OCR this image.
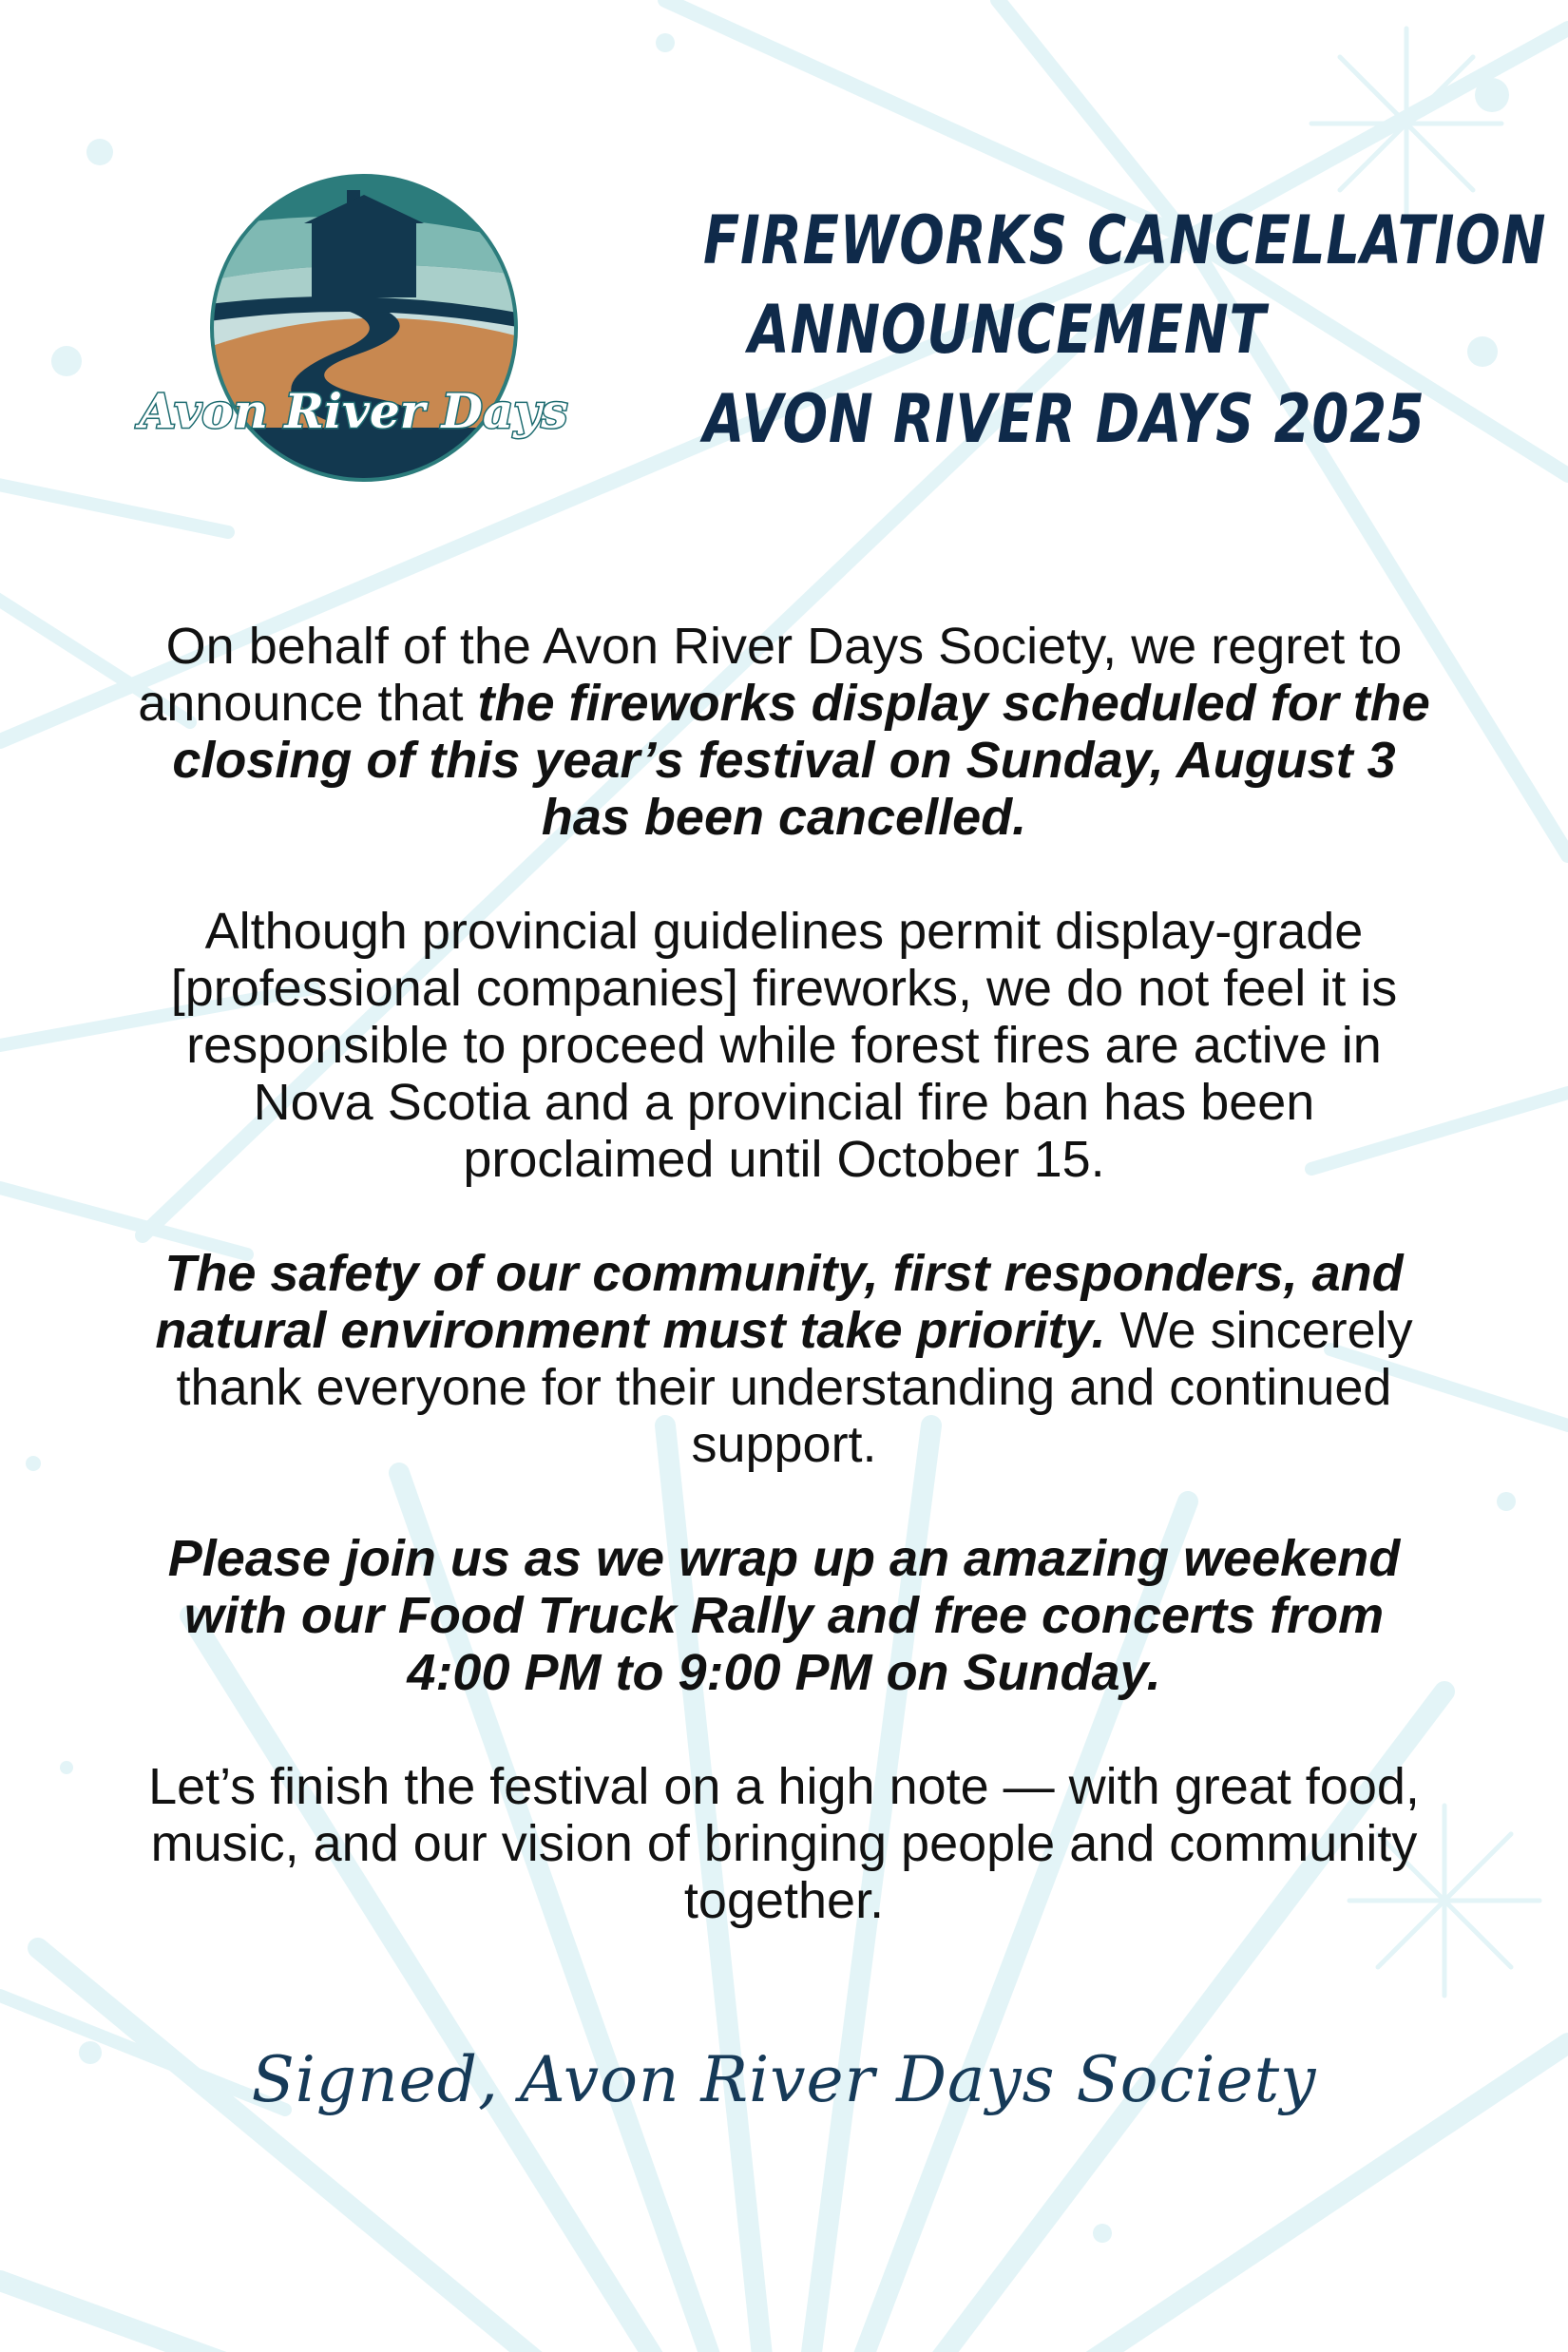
Avon River Days
FIREWORKS CANCELLATION
ANNOUNCEMENT
AVON RIVER DAYS 2025

On behalf of the Avon River Days Society, we regret to announce that the fireworks display scheduled for the closing of this year’s festival on Sunday, August 3 has been cancelled.

Although provincial guidelines permit display-grade [professional companies] fireworks, we do not feel it is responsible to proceed while forest fires are active in Nova Scotia and a provincial fire ban has been proclaimed until October 15.

The safety of our community, first responders, and natural environment must take priority. We sincerely thank everyone for their understanding and continued support.

Please join us as we wrap up an amazing weekend with our Food Truck Rally and free concerts from 4:00 PM to 9:00 PM on Sunday.

Let’s finish the festival on a high note — with great food, music, and our vision of bringing people and community together.

Signed, Avon River Days Society
